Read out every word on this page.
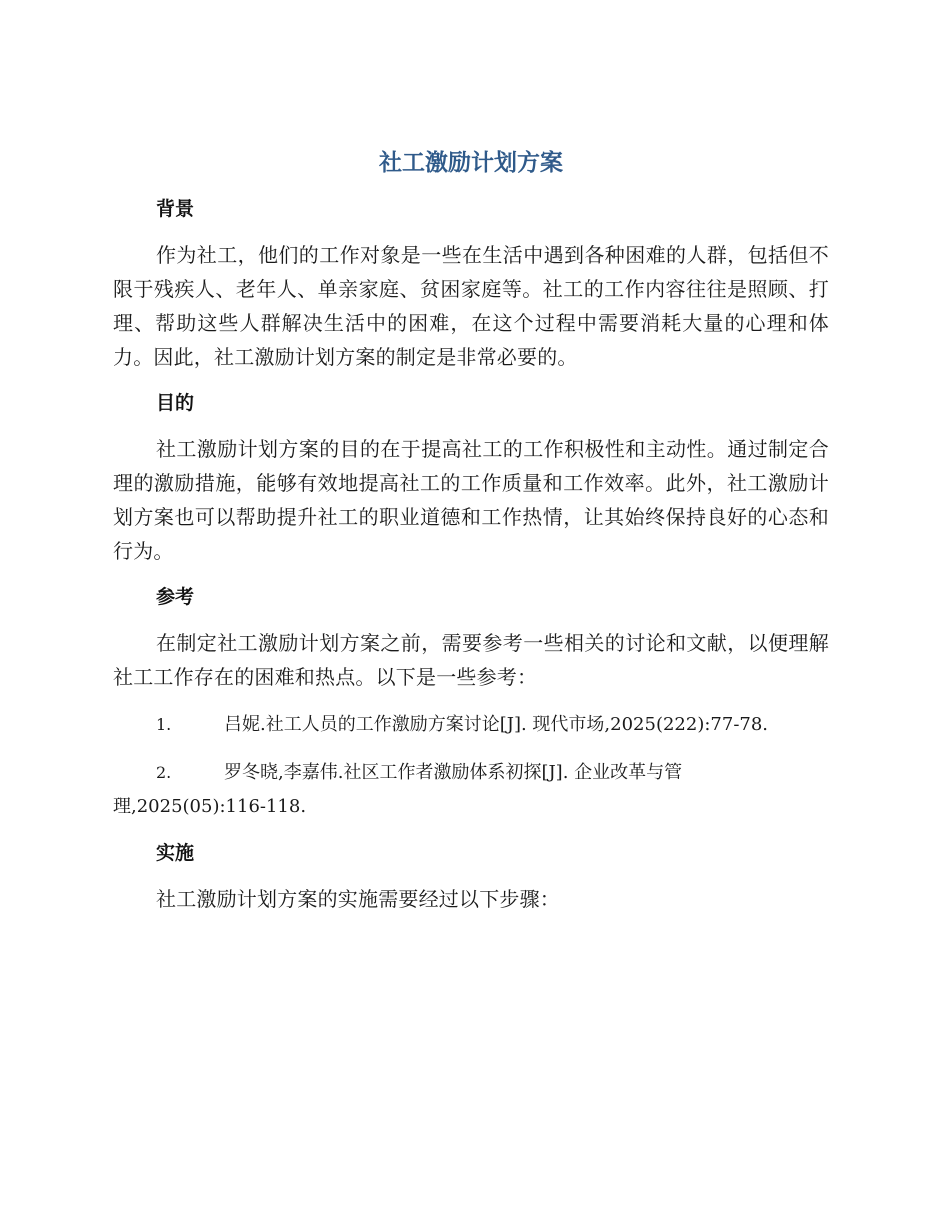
社工激励计划方案
背景

作为社工，他们的工作对象是一些在生活中遇到各种困难的人群，包括但不限于残疾人、老年人、单亲家庭、贫困家庭等。社工的工作内容往往是照顾、打理、帮助这些人群解决生活中的困难，在这个过程中需要消耗大量的心理和体力。因此，社工激励计划方案的制定是非常必要的。

目的

社工激励计划方案的目的在于提高社工的工作积极性和主动性。通过制定合理的激励措施，能够有效地提高社工的工作质量和工作效率。此外，社工激励计划方案也可以帮助提升社工的职业道德和工作热情，让其始终保持良好的心态和行为。

参考

在制定社工激励计划方案之前，需要参考一些相关的讨论和文献，以便理解社工工作存在的困难和热点。以下是一些参考：

1.	吕妮.社工人员的工作激励方案讨论[J]. 现代市场,2025(222):77-78.
2.	罗冬晓,李嘉伟.社区工作者激励体系初探[J]. 企业改革与管
理,2025(05):116-118.
实施

社工激励计划方案的实施需要经过以下步骤：
